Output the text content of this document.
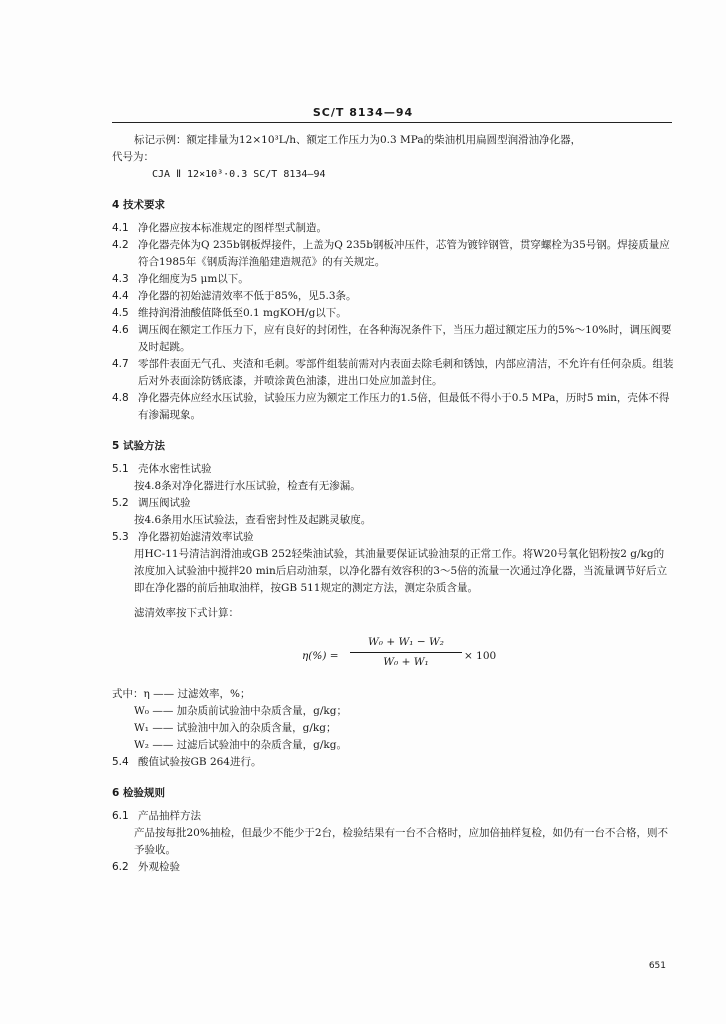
SC/T 8134—94

标记示例：额定排量为12×10³L/h、额定工作压力为0.3 MPa的柴油机用扁圆型润滑油净化器，

代号为：

CJA Ⅱ 12×10³·0.3 SC/T 8134—94

4 技术要求
4.1 净化器应按本标准规定的图样型式制造。
4.2 净化器壳体为Q 235b钢板焊接件，上盖为Q 235b钢板冲压件，芯管为镀锌钢管，贯穿螺栓为35号钢。焊接质量应符合1985年《钢质海洋渔船建造规范》的有关规定。
4.3 净化细度为5 μm以下。
4.4 净化器的初始滤清效率不低于85%，见5.3条。
4.5 维持润滑油酸值降低至0.1 mgKOH/g以下。
4.6 调压阀在额定工作压力下，应有良好的封闭性，在各种海况条件下，当压力超过额定压力的5%～10%时，调压阀要及时起跳。
4.7 零部件表面无气孔、夹渣和毛刺。零部件组装前需对内表面去除毛刺和锈蚀，内部应清洁，不允许有任何杂质。组装后对外表面涂防锈底漆，并喷涂黄色油漆，进出口处应加盖封住。
4.8 净化器壳体应经水压试验，试验压力应为额定工作压力的1.5倍，但最低不得小于0.5 MPa，历时5 min，壳体不得有渗漏现象。
5 试验方法
5.1 壳体水密性试验

按4.8条对净化器进行水压试验，检查有无渗漏。

5.2 调压阀试验

按4.6条用水压试验法，查看密封性及起跳灵敏度。

5.3 净化器初始滤清效率试验

用HC-11号清洁润滑油或GB 252轻柴油试验，其油量要保证试验油泵的正常工作。将W20号氧化铝粉按2 g/kg的浓度加入试验油中搅拌20 min后启动油泵，以净化器有效容积的3～5倍的流量一次通过净化器，当流量调节好后立即在净化器的前后抽取油样，按GB 511规定的测定方法，测定杂质含量。

滤清效率按下式计算：

η(%) =
W₀ + W₁ − W₂
W₀ + W₁	× 100

式中：η —— 过滤效率，%；

W₀ —— 加杂质前试验油中杂质含量，g/kg；

W₁ —— 试验油中加入的杂质含量，g/kg；

W₂ —— 过滤后试验油中的杂质含量，g/kg。

5.4 酸值试验按GB 264进行。
6 检验规则
6.1 产品抽样方法

产品按每批20%抽检，但最少不能少于2台，检验结果有一台不合格时，应加倍抽样复检，如仍有一台不合格，则不予验收。

6.2 外观检验
651
